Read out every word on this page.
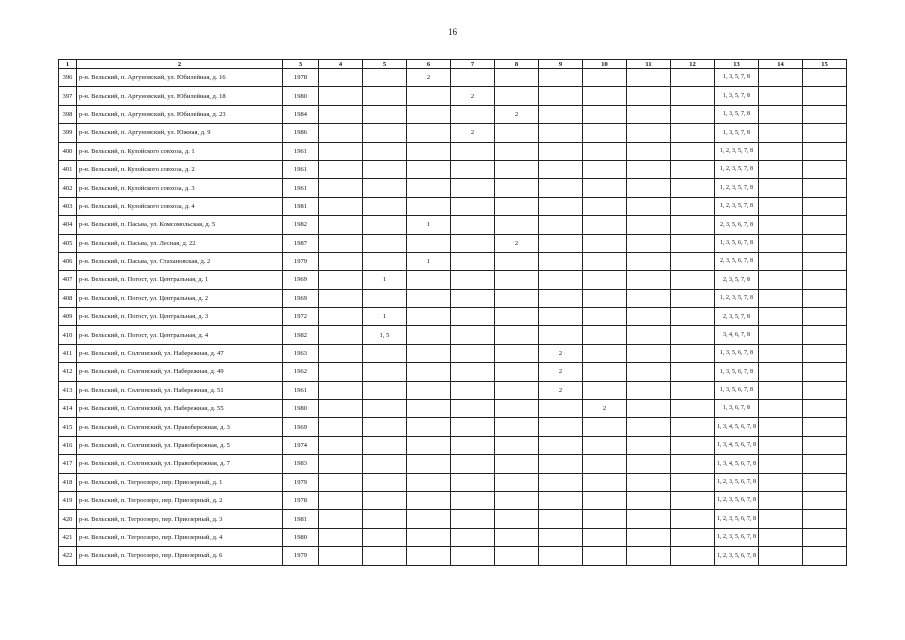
16
1	2	3	4	5	6	7	8	9	10	11	12	13	14	15
396	р-н. Вельский, п. Аргуновский, ул. Юбилейная, д. 16	1978			2							1, 3, 5, 7, 8		
397	р-н. Вельский, п. Аргуновский, ул. Юбилейная, д. 18	1980				2						1, 3, 5, 7, 8		
398	р-н. Вельский, п. Аргуновский, ул. Юбилейная, д. 23	1984					2					1, 3, 5, 7, 8		
399	р-н. Вельский, п. Аргуновский, ул. Южная, д. 9	1986				2						1, 3, 5, 7, 8		
400	р-н. Вельский, п. Кулойского совхоза, д. 1	1961										1, 2, 3, 5, 7, 8		
401	р-н. Вельский, п. Кулойского совхоза, д. 2	1961										1, 2, 3, 5, 7, 8		
402	р-н. Вельский, п. Кулойского совхоза, д. 3	1961										1, 2, 3, 5, 7, 8		
403	р-н. Вельский, п. Кулойского совхоза, д. 4	1981										1, 2, 3, 5, 7, 8		
404	р-н. Вельский, п. Пасьва, ул. Комсомольская, д. 5	1982			1							2, 3, 5, 6, 7, 8		
405	р-н. Вельский, п. Пасьва, ул. Лесная, д. 22	1987					2					1, 3, 5, 6, 7, 8		
406	р-н. Вельский, п. Пасьва, ул. Стахановская, д. 2	1979			1							2, 3, 5, 6, 7, 8		
407	р-н. Вельский, п. Погост, ул. Центральная, д. 1	1969		1								2, 3, 5, 7, 8		
408	р-н. Вельский, п. Погост, ул. Центральная, д. 2	1969										1, 2, 3, 5, 7, 8		
409	р-н. Вельский, п. Погост, ул. Центральная, д. 3	1972		1								2, 3, 5, 7, 8		
410	р-н. Вельский, п. Погост, ул. Центральная, д. 4	1982		1, 5								3, 4, 6, 7, 8		
411	р-н. Вельский, п. Солгинский, ул. Набережная, д. 47	1963						2				1, 3, 5, 6, 7, 8		
412	р-н. Вельский, п. Солгинский, ул. Набережная, д. 49	1962						2				1, 3, 5, 6, 7, 8		
413	р-н. Вельский, п. Солгинский, ул. Набережная, д. 51	1961						2				1, 3, 5, 6, 7, 8		
414	р-н. Вельский, п. Солгинский, ул. Набережная, д. 55	1980							2			1, 3, 6, 7, 8		
415	р-н. Вельский, п. Солгинский, ул. Правобережная, д. 3	1969										1, 3, 4, 5, 6, 7, 8		
416	р-н. Вельский, п. Солгинский, ул. Правобережная, д. 5	1974										1, 3, 4, 5, 6, 7, 8		
417	р-н. Вельский, п. Солгинский, ул. Правобережная, д. 7	1983										1, 3, 4, 5, 6, 7, 8		
418	р-н. Вельский, п. Тегроозеро, пер. Приозерный, д. 1	1979										1, 2, 3, 5, 6, 7, 8		
419	р-н. Вельский, п. Тегроозеро, пер. Приозерный, д. 2	1978										1, 2, 3, 5, 6, 7, 8		
420	р-н. Вельский, п. Тегроозеро, пер. Приозерный, д. 3	1981										1, 2, 3, 5, 6, 7, 8		
421	р-н. Вельский, п. Тегроозеро, пер. Приозерный, д. 4	1980										1, 2, 3, 5, 6, 7, 8		
422	р-н. Вельский, п. Тегроозеро, пер. Приозерный, д. 6	1979										1, 2, 3, 5, 6, 7, 8		
